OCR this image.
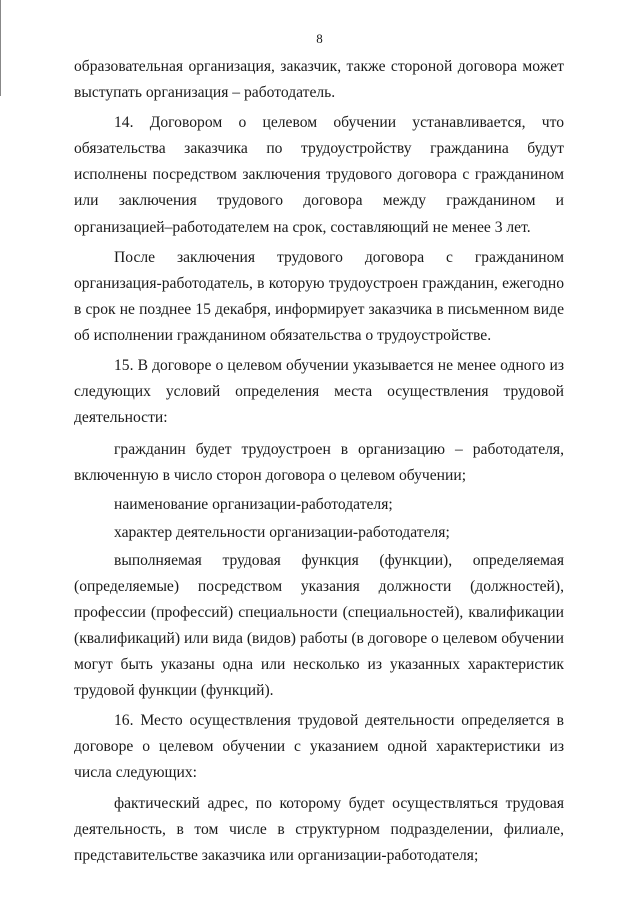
8

образовательная организация, заказчик, также стороной договора может выступать организация – работодатель.

14. Договором о целевом обучении устанавливается, что обязательства заказчика по трудоустройству гражданина будут исполнены посредством заключения трудового договора с гражданином или заключения трудового договора между гражданином и организацией–работодателем на срок, составляющий не менее 3 лет.

После заключения трудового договора с гражданином организация-работодатель, в которую трудоустроен гражданин, ежегодно в срок не позднее 15 декабря, информирует заказчика в письменном виде об исполнении гражданином обязательства о трудоустройстве.

15. В договоре о целевом обучении указывается не менее одного из следующих условий определения места осуществления трудовой деятельности:

гражданин будет трудоустроен в организацию – работодателя, включенную в число сторон договора о целевом обучении;

наименование организации-работодателя;

характер деятельности организации-работодателя;

выполняемая трудовая функция (функции), определяемая (определяемые) посредством указания должности (должностей), профессии (профессий) специальности (специальностей), квалификации (квалификаций) или вида (видов) работы (в договоре о целевом обучении могут быть указаны одна или несколько из указанных характеристик трудовой функции (функций).

16. Место осуществления трудовой деятельности определяется в договоре о целевом обучении с указанием одной характеристики из числа следующих:

фактический адрес, по которому будет осуществляться трудовая деятельность, в том числе в структурном подразделении, филиале, представительстве заказчика или организации-работодателя;
